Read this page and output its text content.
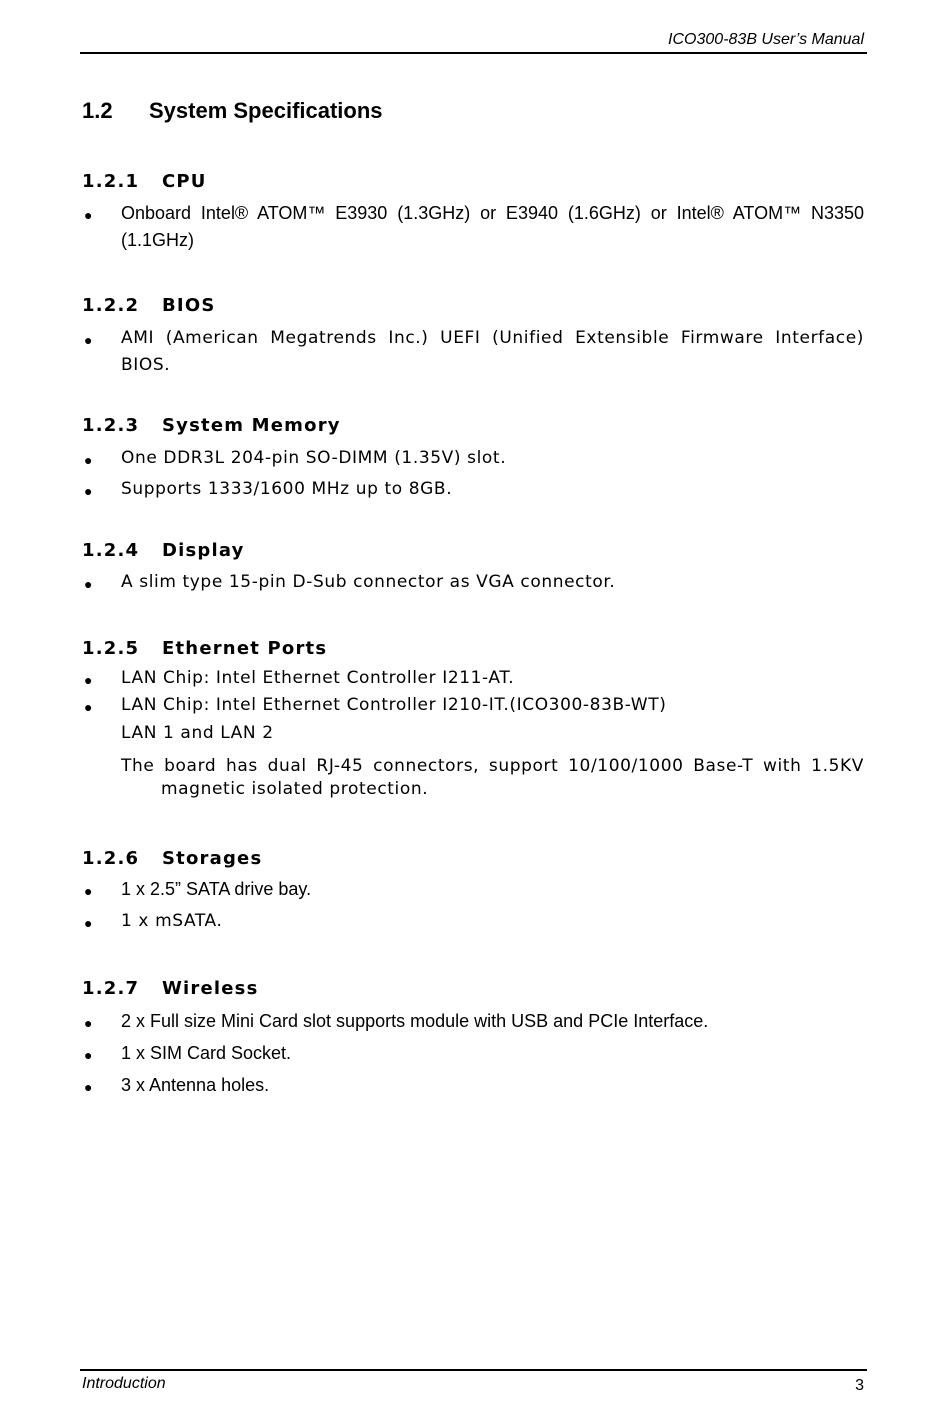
ICO300-83B User’s Manual
1.2 System Specifications
1.2.1 CPU
● Onboard Intel® ATOM™ E3930 (1.3GHz) or E3940 (1.6GHz) or Intel® ATOM™ N3350
(1.1GHz)
1.2.2 BIOS
● AMI (American Megatrends Inc.) UEFI (Unified Extensible Firmware Interface)
BIOS.
1.2.3 System Memory
● One DDR3L 204-pin SO-DIMM (1.35V) slot.
● Supports 1333/1600 MHz up to 8GB.
1.2.4 Display
● A slim type 15-pin D-Sub connector as VGA connector.
1.2.5 Ethernet Ports
● LAN Chip: Intel Ethernet Controller I211-AT.
● LAN Chip: Intel Ethernet Controller I210-IT.(ICO300-83B-WT)
LAN 1 and LAN 2
The board has dual RJ-45 connectors, support 10/100/1000 Base-T with 1.5KV
magnetic isolated protection.
1.2.6 Storages
● 1 x 2.5” SATA drive bay.
● 1 x mSATA.
1.2.7 Wireless
● 2 x Full size Mini Card slot supports module with USB and PCIe Interface.
● 1 x SIM Card Socket.
● 3 x Antenna holes.
Introduction	3
